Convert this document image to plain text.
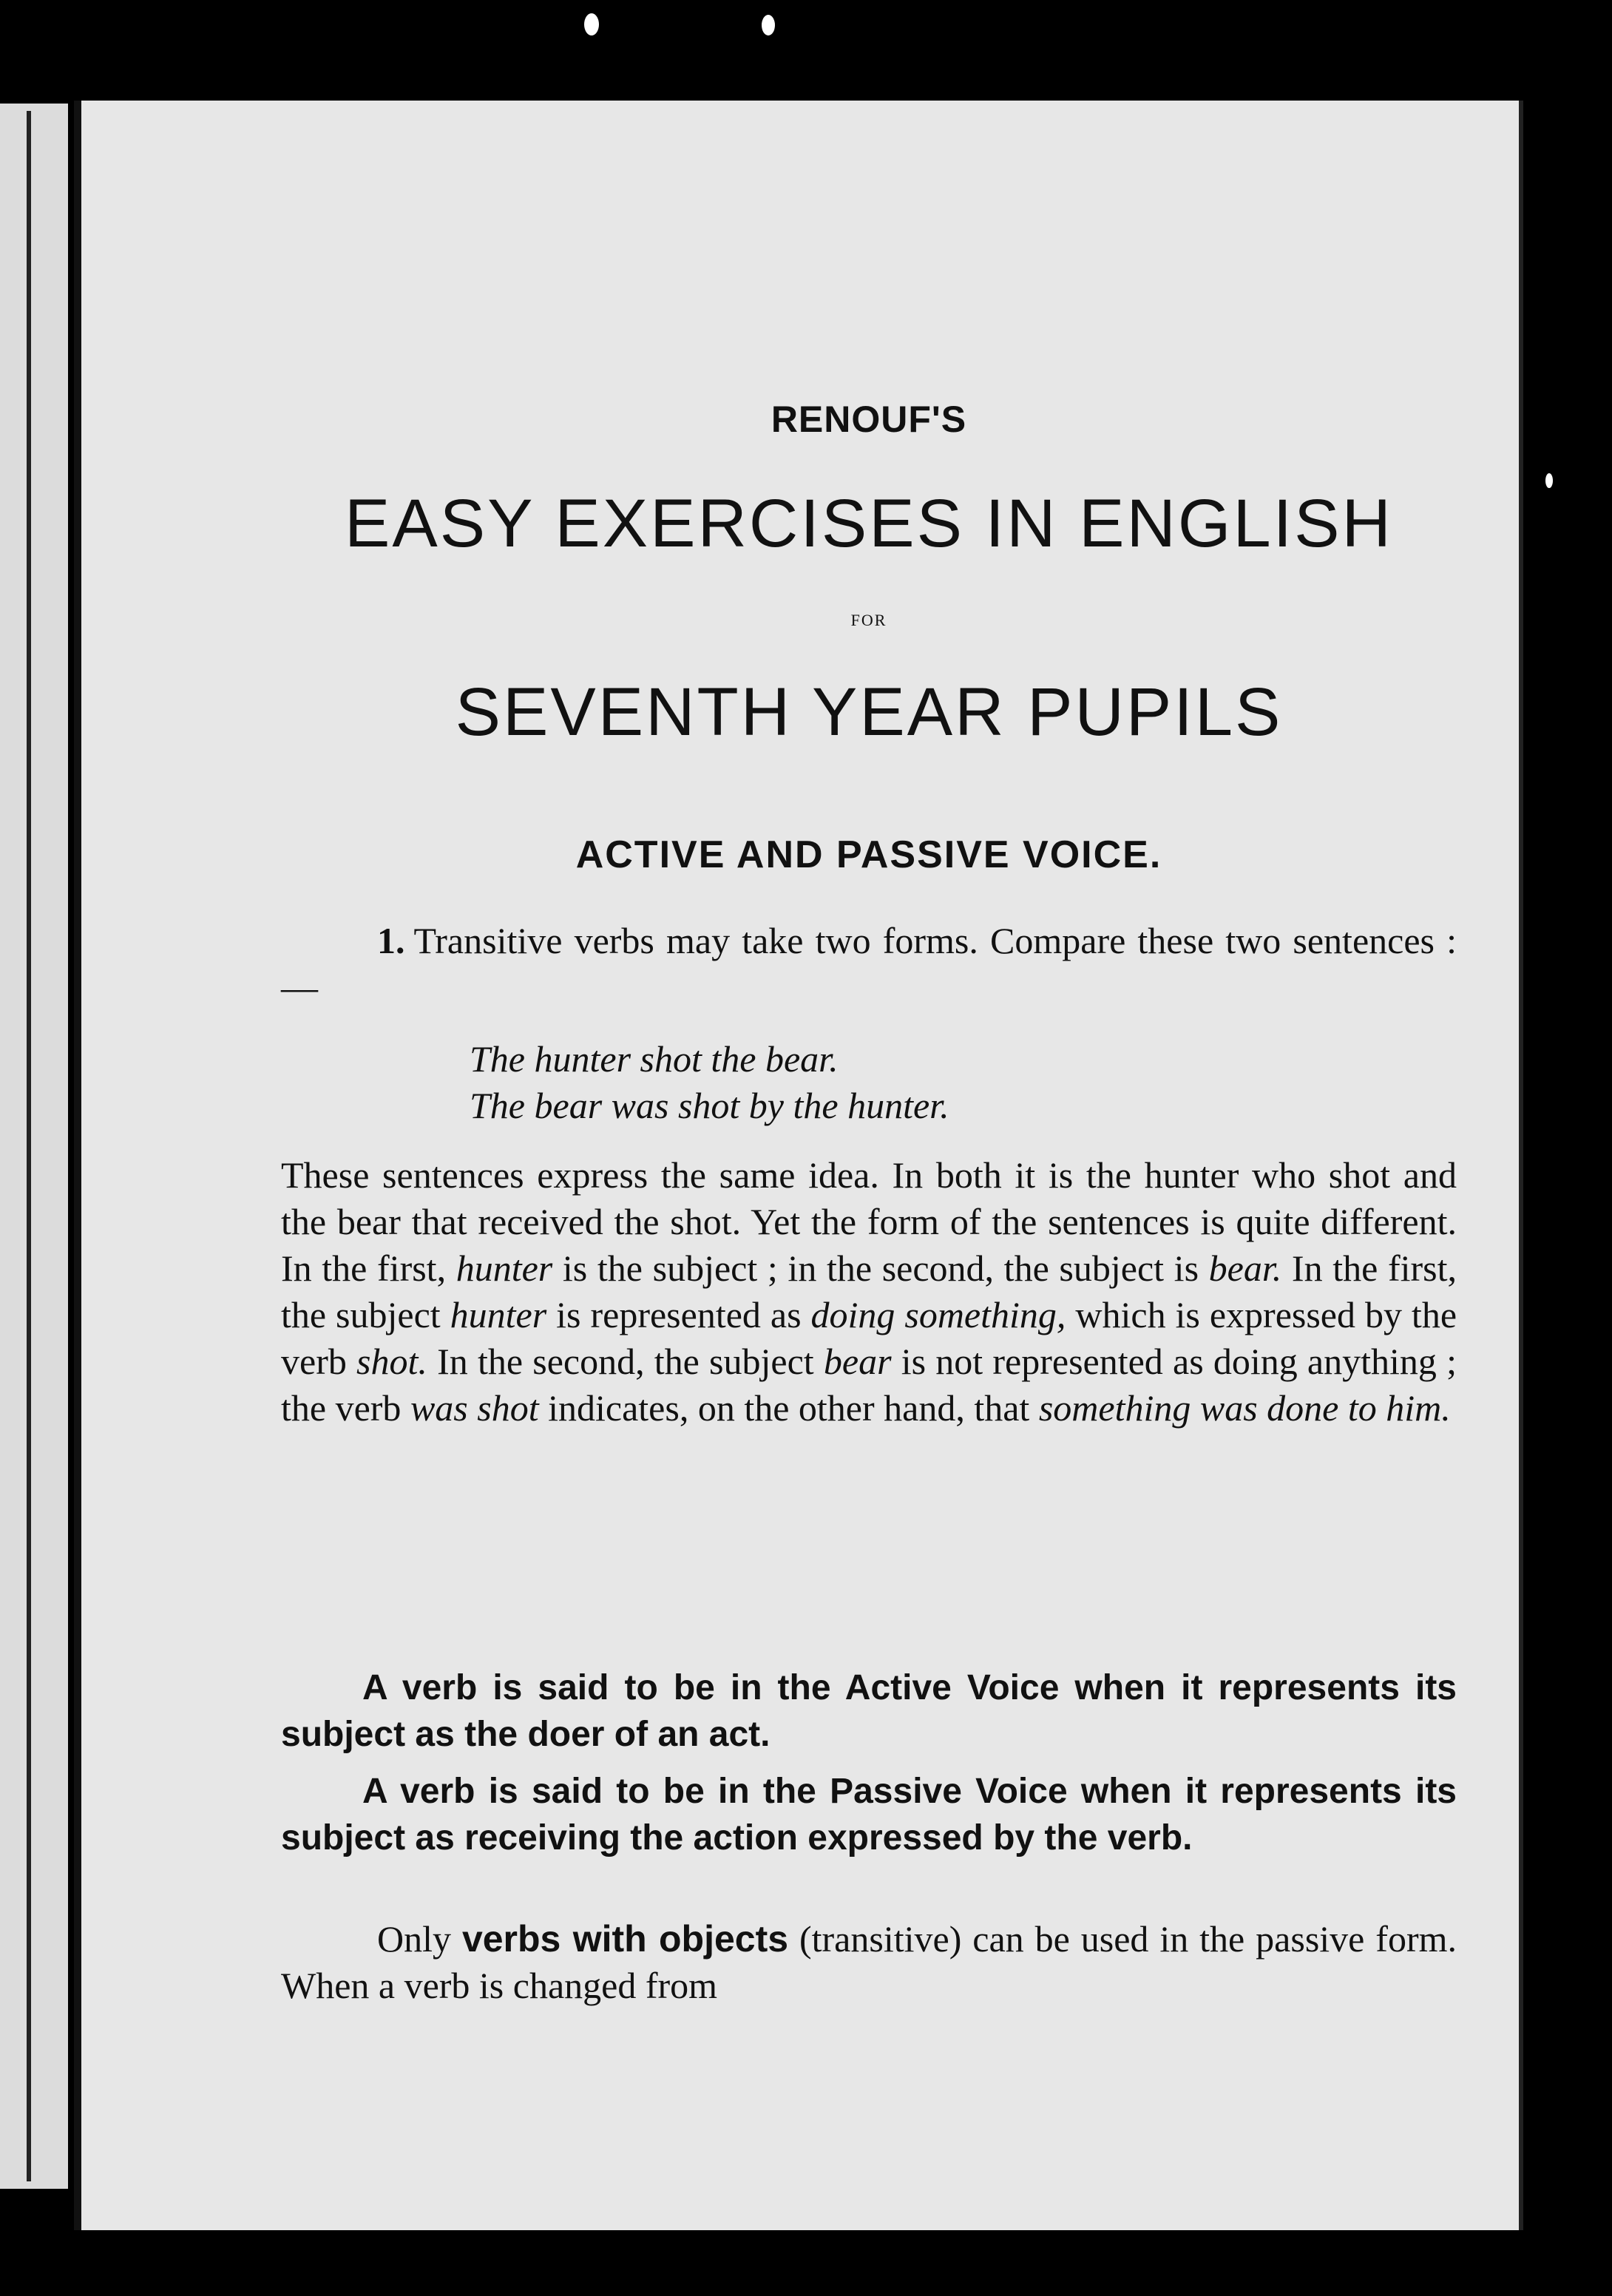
RENOUF'S
EASY EXERCISES IN ENGLISH
FOR
SEVENTH YEAR PUPILS
ACTIVE AND PASSIVE VOICE.
1. Transitive verbs may take two forms. Compare these two sentences :—
The hunter shot the bear.
The bear was shot by the hunter.
These sentences express the same idea. In both it is the hunter who shot and the bear that received the shot. Yet the form of the sentences is quite different. In the first, hunter is the subject ; in the second, the subject is bear. In the first, the subject hunter is represented as doing something, which is expressed by the verb shot. In the second, the subject bear is not represented as doing anything ; the verb was shot indicates, on the other hand, that something was done to him.
A verb is said to be in the Active Voice when it represents its subject as the doer of an act.
A verb is said to be in the Passive Voice when it represents its subject as receiving the action expressed by the verb.
Only verbs with objects (transitive) can be used in the passive form. When a verb is changed from
